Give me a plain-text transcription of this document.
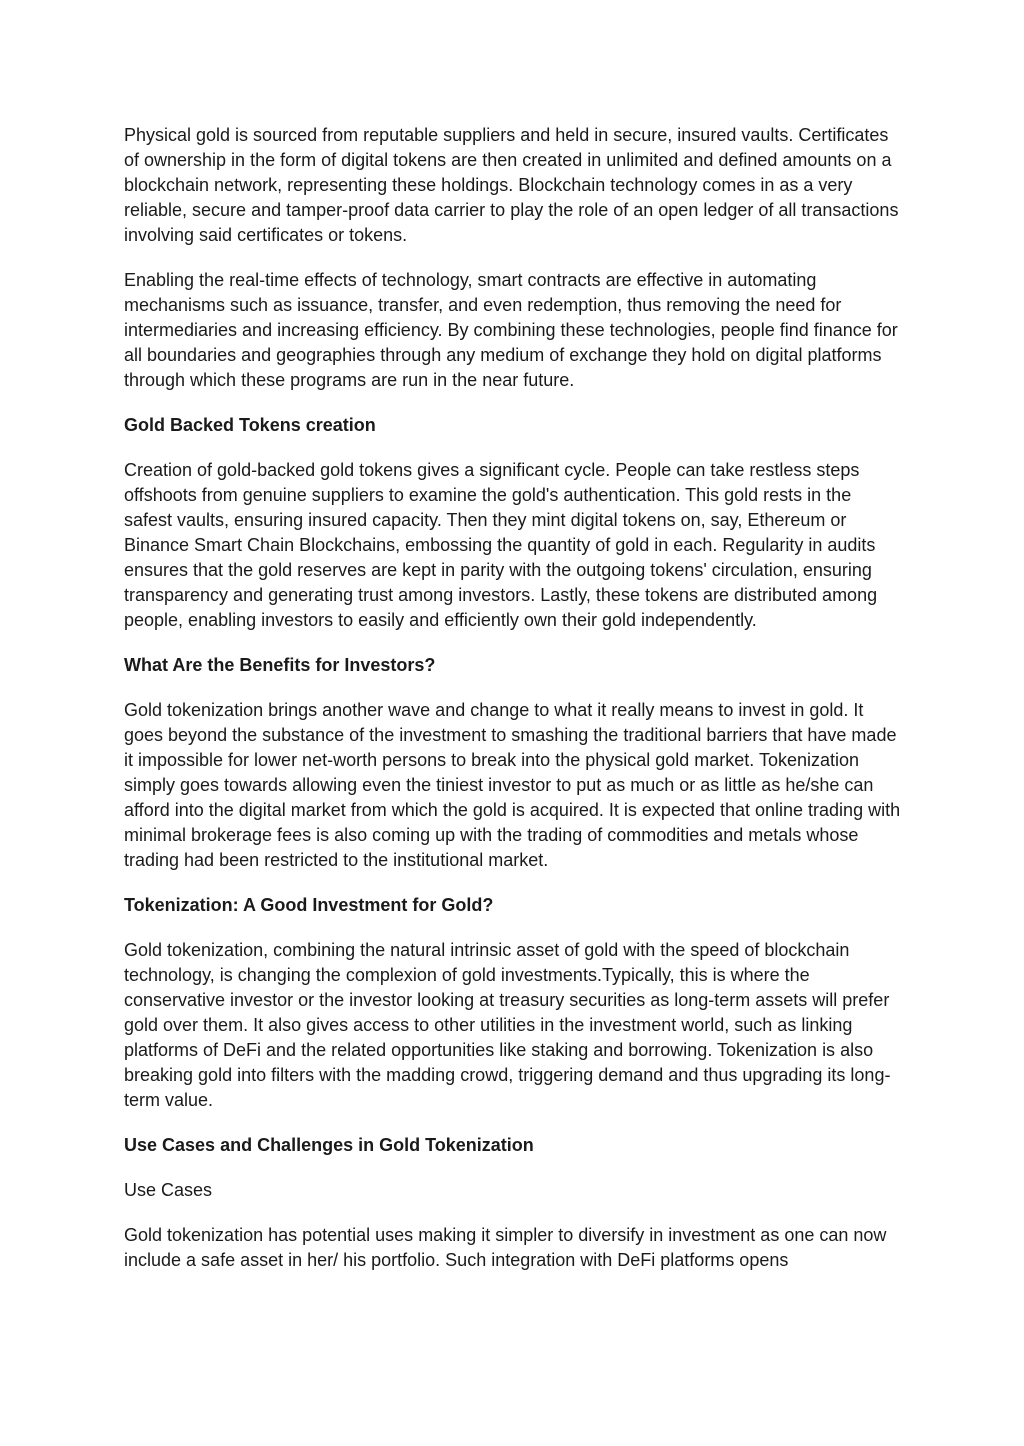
Physical gold is sourced from reputable suppliers and held in secure, insured vaults. Certificates of ownership in the form of digital tokens are then created in unlimited and defined amounts on a blockchain network, representing these holdings. Blockchain technology comes in as a very reliable, secure and tamper-proof data carrier to play the role of an open ledger of all transactions involving said certificates or tokens.

Enabling the real-time effects of technology, smart contracts are effective in automating mechanisms such as issuance, transfer, and even redemption, thus removing the need for intermediaries and increasing efficiency. By combining these technologies, people find finance for all boundaries and geographies through any medium of exchange they hold on digital platforms through which these programs are run in the near future.

Gold Backed Tokens creation

Creation of gold-backed gold tokens gives a significant cycle. People can take restless steps offshoots from genuine suppliers to examine the gold's authentication. This gold rests in the safest vaults, ensuring insured capacity. Then they mint digital tokens on, say, Ethereum or Binance Smart Chain Blockchains, embossing the quantity of gold in each. Regularity in audits ensures that the gold reserves are kept in parity with the outgoing tokens' circulation, ensuring transparency and generating trust among investors. Lastly, these tokens are distributed among people, enabling investors to easily and efficiently own their gold independently.

What Are the Benefits for Investors?

Gold tokenization brings another wave and change to what it really means to invest in gold. It goes beyond the substance of the investment to smashing the traditional barriers that have made it impossible for lower net-worth persons to break into the physical gold market. Tokenization simply goes towards allowing even the tiniest investor to put as much or as little as he/she can afford into the digital market from which the gold is acquired. It is expected that online trading with minimal brokerage fees is also coming up with the trading of commodities and metals whose trading had been restricted to the institutional market.

Tokenization: A Good Investment for Gold?

Gold tokenization, combining the natural intrinsic asset of gold with the speed of blockchain technology, is changing the complexion of gold investments.Typically, this is where the conservative investor or the investor looking at treasury securities as long-term assets will prefer gold over them. It also gives access to other utilities in the investment world, such as linking platforms of DeFi and the related opportunities like staking and borrowing. Tokenization is also breaking gold into filters with the madding crowd, triggering demand and thus upgrading its long-term value.

Use Cases and Challenges in Gold Tokenization

Use Cases

Gold tokenization has potential uses making it simpler to diversify in investment as one can now include a safe asset in her/ his portfolio. Such integration with DeFi platforms opens
